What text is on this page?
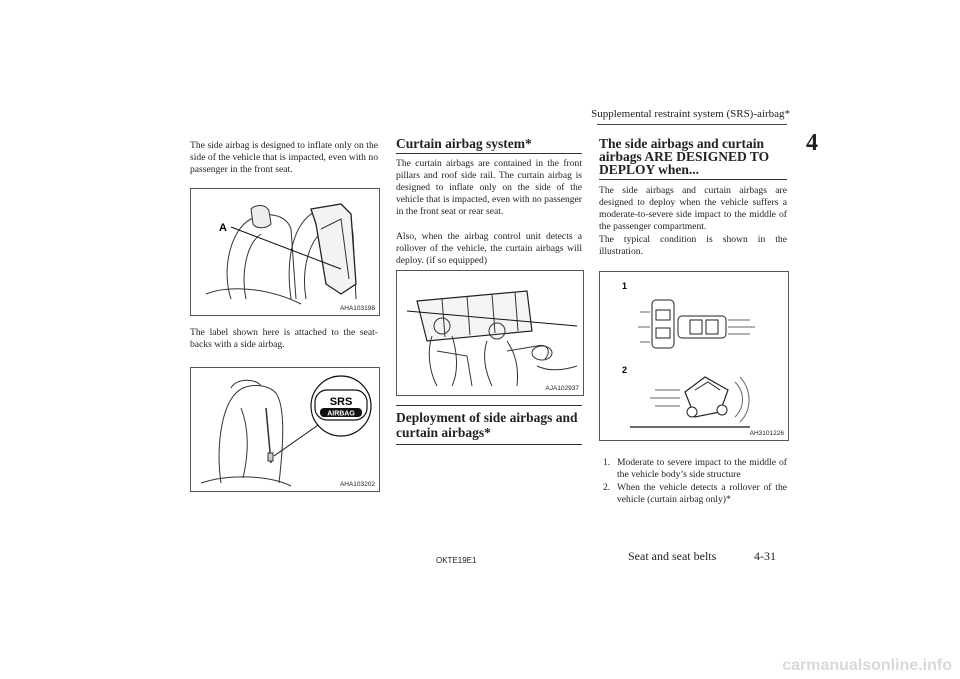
Supplemental restraint system (SRS)-airbag*
4
The side airbag is designed to inflate only on the side of the vehicle that is impacted, even with no passenger in the front seat.
A
AHA103198
The label shown here is attached to the seat-backs with a side airbag.
SRS
AIRBAG
AHA103202
Curtain airbag system*
The curtain airbags are contained in the front pillars and roof side rail. The curtain airbag is designed to inflate only on the side of the vehicle that is impacted, even with no passenger in the front seat or rear seat.
Also, when the airbag control unit detects a rollover of the vehicle, the curtain airbags will deploy. (if so equipped)
AJA102937
Deployment of side airbags and curtain airbags*
The side airbags and curtain airbags ARE DESIGNED TO DEPLOY when...
The side airbags and curtain airbags are designed to deploy when the vehicle suffers a moderate-to-severe side impact to the middle of the passenger compartment.
The typical condition is shown in the illustration.
1
2
AH3101226
1. Moderate to severe impact to the middle of the vehicle body’s side structure
2. When the vehicle detects a rollover of the vehicle (curtain airbag only)*
OKTE19E1	Seat and seat belts	4-31
carmanualsonline.info
